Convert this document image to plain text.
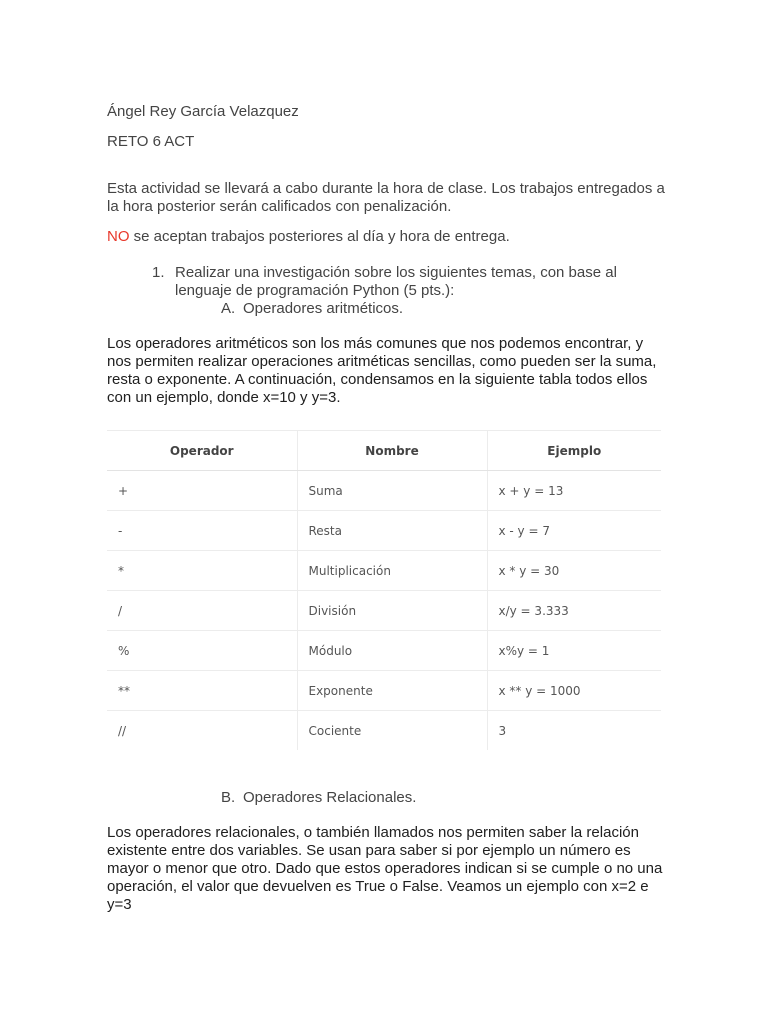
Ángel Rey García Velazquez
RETO 6 ACT
Esta actividad se llevará a cabo durante la hora de clase. Los trabajos entregados a la hora posterior serán calificados con penalización.
NO se aceptan trabajos posteriores al día y hora de entrega.
1. Realizar una investigación sobre los siguientes temas, con base al lenguaje de programación Python (5 pts.):
A. Operadores aritméticos.
Los operadores aritméticos son los más comunes que nos podemos encontrar, y nos permiten realizar operaciones aritméticas sencillas, como pueden ser la suma, resta o exponente. A continuación, condensamos en la siguiente tabla todos ellos con un ejemplo, donde x=10 y y=3.
Operador	Nombre	Ejemplo
+	Suma	x + y = 13
-	Resta	x - y = 7
*	Multiplicación	x * y = 30
/	División	x/y = 3.333
%	Módulo	x%y = 1
**	Exponente	x ** y = 1000
//	Cociente	3
B. Operadores Relacionales.
Los operadores relacionales, o también llamados nos permiten saber la relación existente entre dos variables. Se usan para saber si por ejemplo un número es mayor o menor que otro. Dado que estos operadores indican si se cumple o no una operación, el valor que devuelven es True o False. Veamos un ejemplo con x=2 e y=3
